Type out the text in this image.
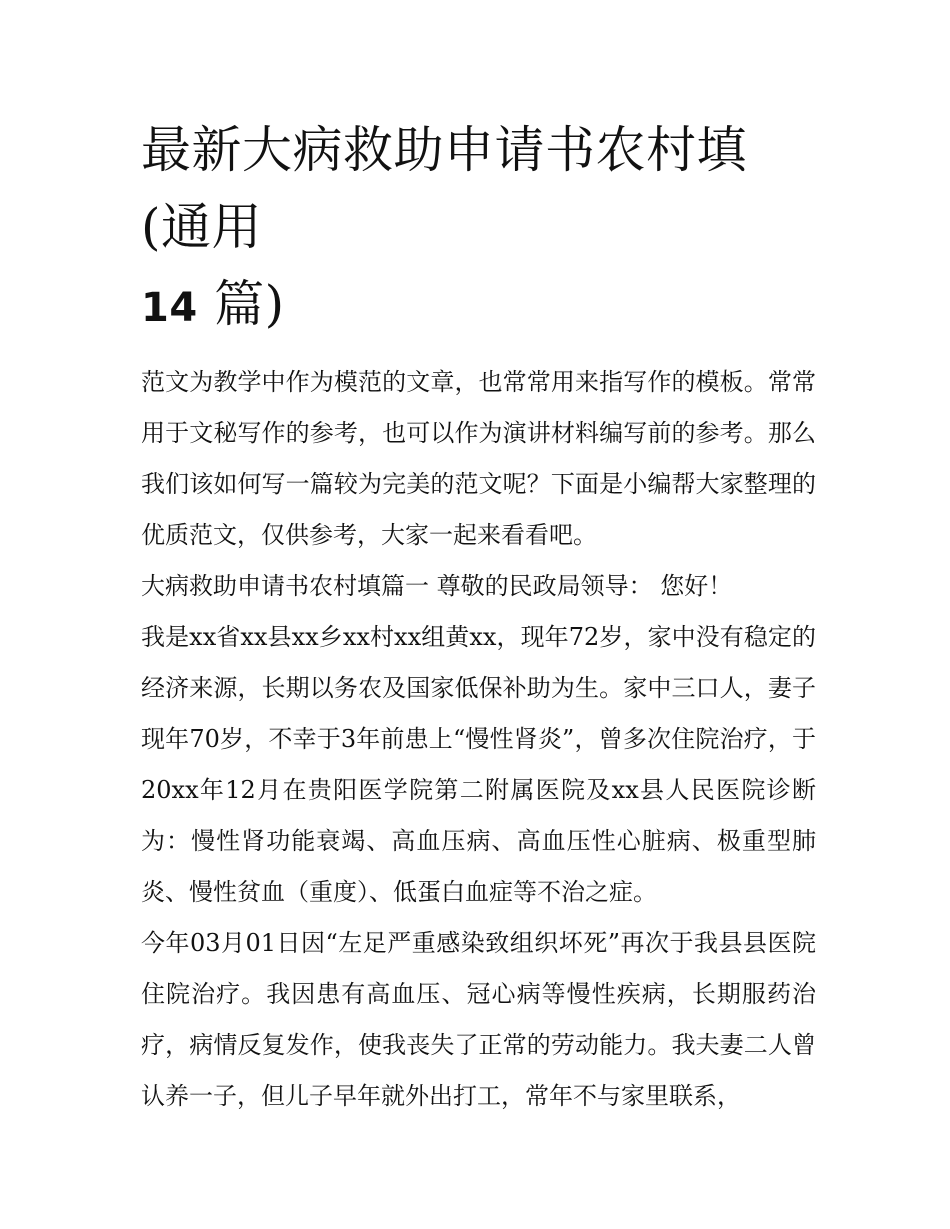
最新大病救助申请书农村填(通用
14 篇)

范文为教学中作为模范的文章，也常常用来指写作的模板。常常用于文秘写作的参考，也可以作为演讲材料编写前的参考。那么我们该如何写一篇较为完美的范文呢？下面是小编帮大家整理的优质范文，仅供参考，大家一起来看看吧。

大病救助申请书农村填篇一 尊敬的民政局领导： 您好！

我是xx省xx县xx乡xx村xx组黄xx，现年72岁，家中没有稳定的经济来源，长期以务农及国家低保补助为生。家中三口人，妻子现年70岁，不幸于3年前患上“慢性肾炎”，曾多次住院治疗，于20xx年12月在贵阳医学院第二附属医院及xx县人民医院诊断为：慢性肾功能衰竭、高血压病、高血压性心脏病、极重型肺炎、慢性贫血（重度）、低蛋白血症等不治之症。

今年03月01日因“左足严重感染致组织坏死”再次于我县县医院住院治疗。我因患有高血压、冠心病等慢性疾病，长期服药治疗，病情反复发作，使我丧失了正常的劳动能力。我夫妻二人曾认养一子，但儿子早年就外出打工，常年不与家里联系，
